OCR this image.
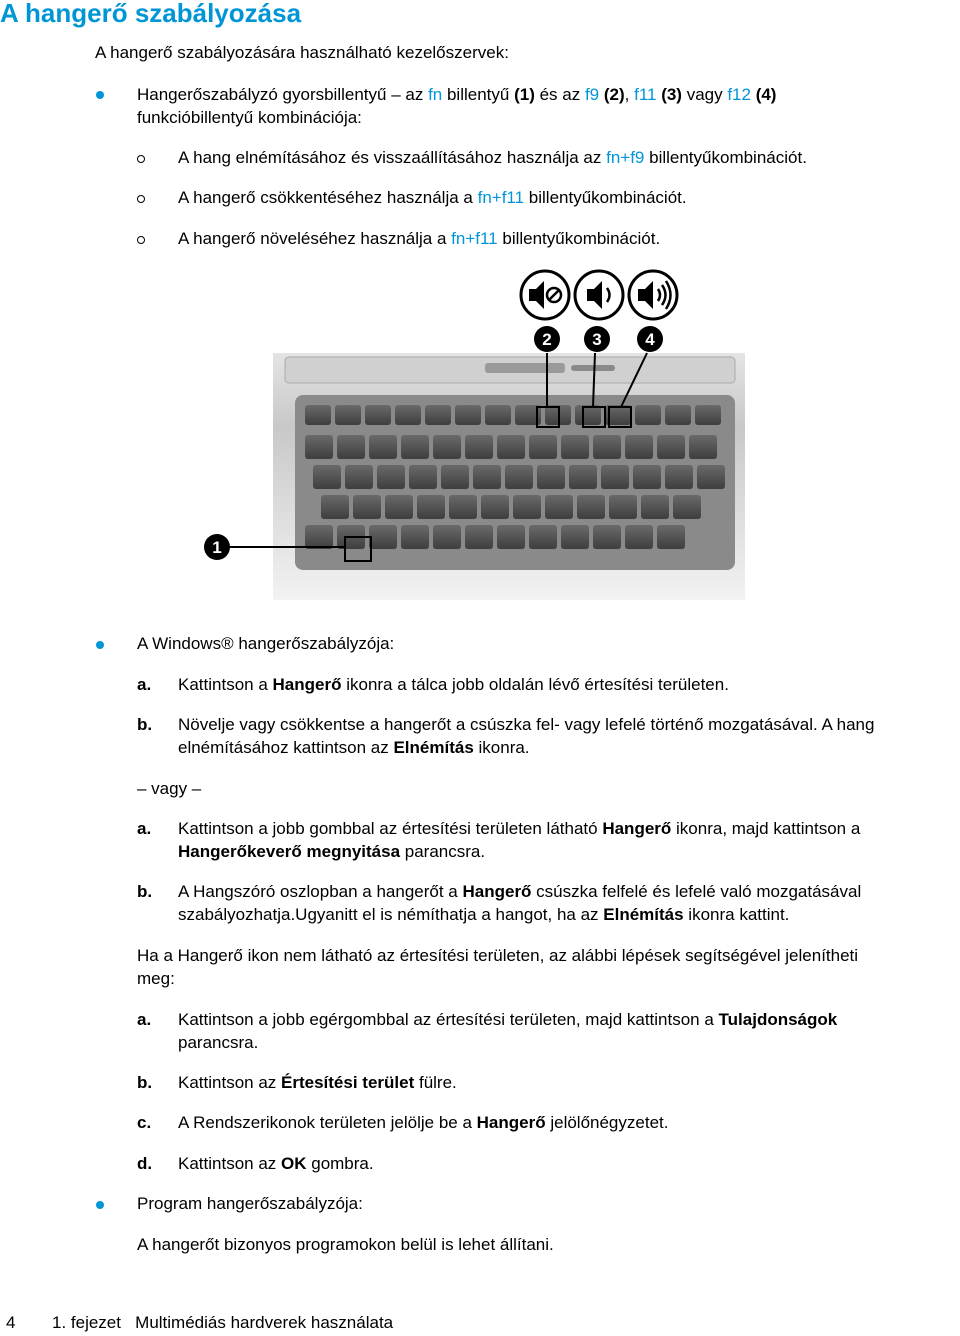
A hangerő szabályozása
A hangerő szabályozására használható kezelőszervek:
Hangerőszabályzó gyorsbillentyű – az fn billentyű (1) és az f9 (2), f11 (3) vagy f12 (4)
funkcióbillentyű kombinációja:
A hang elnémításához és visszaállításához használja az fn+f9 billentyűkombinációt.
A hangerő csökkentéséhez használja a fn+f11 billentyűkombinációt.
A hangerő növeléséhez használja a fn+f11 billentyűkombinációt.
2 3	4
1
A Windows® hangerőszabályzója:
a. Kattintson a Hangerő ikonra a tálca jobb oldalán lévő értesítési területen.
b. Növelje vagy csökkentse a hangerőt a csúszka fel- vagy lefelé történő mozgatásával. A hang
elnémításához kattintson az Elnémítás ikonra.
– vagy –
a. Kattintson a jobb gombbal az értesítési területen látható Hangerő ikonra, majd kattintson a
Hangerőkeverő megnyitása parancsra.
b. A Hangszóró oszlopban a hangerőt a Hangerő csúszka felfelé és lefelé való mozgatásával
szabályozhatja.Ugyanitt el is némíthatja a hangot, ha az Elnémítás ikonra kattint.
Ha a Hangerő ikon nem látható az értesítési területen, az alábbi lépések segítségével jelenítheti
meg:
a. Kattintson a jobb egérgombbal az értesítési területen, majd kattintson a Tulajdonságok
parancsra.
b. Kattintson az Értesítési terület fülre.
c. A Rendszerikonok területen jelölje be a Hangerő jelölőnégyzetet.
d. Kattintson az OK gombra.
Program hangerőszabályzója:
A hangerőt bizonyos programokon belül is lehet állítani.
4 1. fejezet   Multimédiás hardverek használata
